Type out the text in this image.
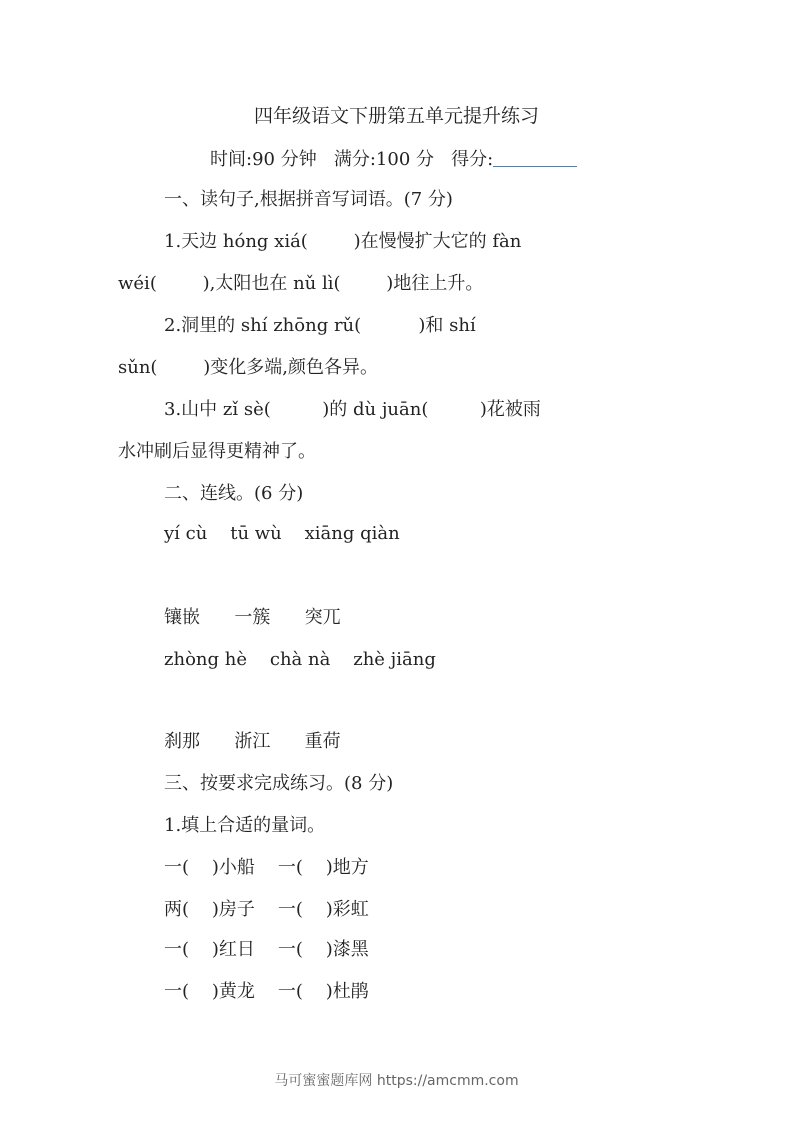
四年级语文下册第五单元提升练习
时间:90 分钟   满分:100 分   得分:
一、读句子,根据拼音写词语。(7 分)
1.天边 hóng xiá(        )在慢慢扩大它的 fàn
wéi(        ),太阳也在 nǔ lì(        )地往上升。
2.洞里的 shí zhōng rǔ(          )和 shí
sǔn(        )变化多端,颜色各异。
3.山中 zǐ sè(         )的 dù juān(         )花被雨
水冲刷后显得更精神了。
二、连线。(6 分)
yí cù    tū wù    xiāng qiàn
镶嵌      一簇      突兀
zhòng hè    chà nà    zhè jiāng
刹那      浙江      重荷
三、按要求完成练习。(8 分)
1.填上合适的量词。
一(    )小船    一(    )地方
两(    )房子    一(    )彩虹
一(    )红日    一(    )漆黑
一(    )黄龙    一(    )杜鹃
马可蜜蜜题库网 https://amcmm.com
